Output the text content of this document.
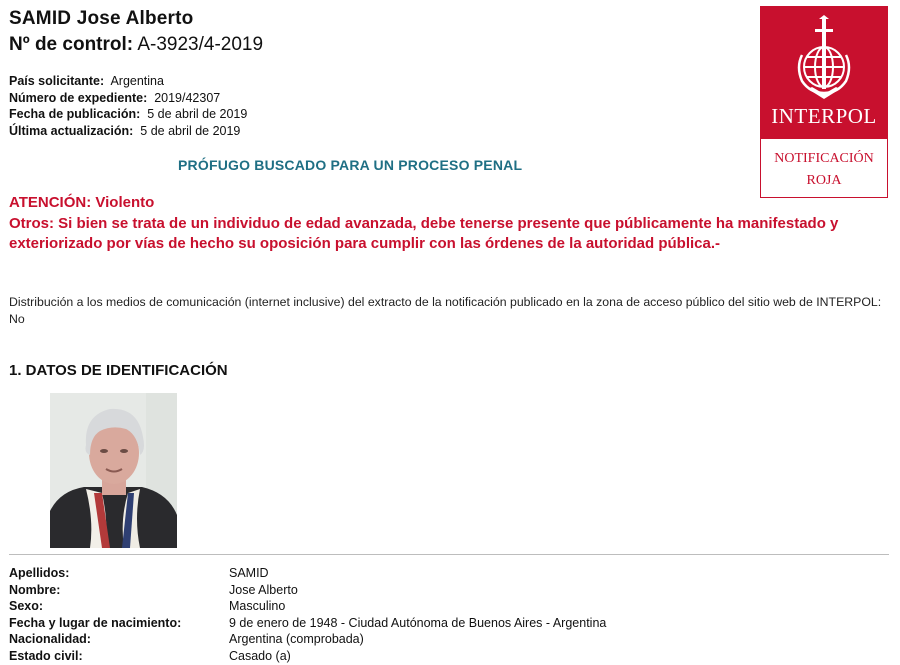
SAMID Jose Alberto
Nº de control: A-3923/4-2019
País solicitante: Argentina
Número de expediente: 2019/42307
Fecha de publicación: 5 de abril de 2019
Última actualización: 5 de abril de 2019
PRÓFUGO BUSCADO PARA UN PROCESO PENAL
INTERPOL
NOTIFICACIÓN
ROJA
ATENCIÓN: Violento
Otros: Si bien se trata de un individuo de edad avanzada, debe tenerse presente que públicamente ha manifestado y exteriorizado por vías de hecho su oposición para cumplir con las órdenes de la autoridad pública.-
Distribución a los medios de comunicación (internet inclusive) del extracto de la notificación publicado en la zona de acceso público del sitio web de INTERPOL: No
1. DATOS DE IDENTIFICACIÓN
Apellidos:	SAMID
Nombre:	Jose Alberto
Sexo:	Masculino
Fecha y lugar de nacimiento:	9 de enero de 1948 - Ciudad Autónoma de Buenos Aires - Argentina
Nacionalidad:	Argentina (comprobada)
Estado civil:	Casado (a)
